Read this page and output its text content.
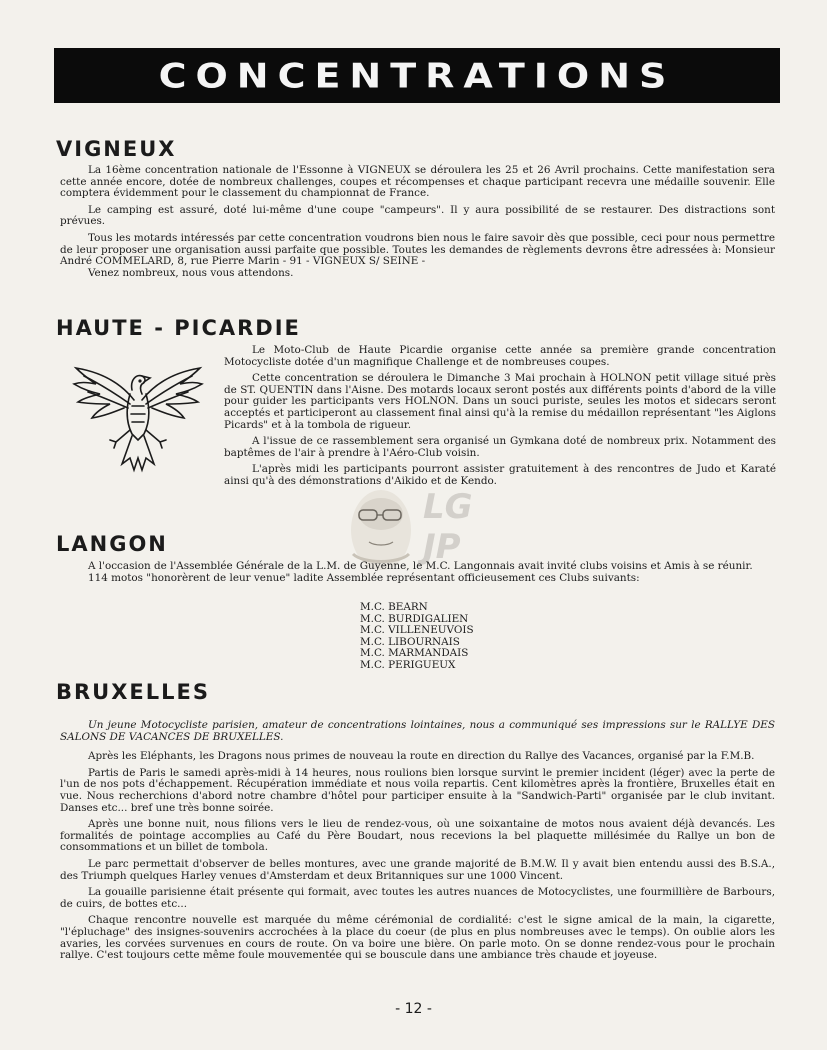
CONCENTRATIONS
VIGNEUX

La 16ème concentration nationale de l'Essonne à VIGNEUX se déroulera les 25 et 26 Avril prochains. Cette manifestation sera cette année encore, dotée de nombreux challenges, coupes et récompenses et chaque participant recevra une médaille souvenir. Elle comptera évidemment pour le classement du championnat de France.

Le camping est assuré, doté lui-même d'une coupe "campeurs". Il y aura possibilité de se restaurer. Des distractions sont prévues.

Tous les motards intéressés par cette concentration voudrons bien nous le faire savoir dès que possible, ceci pour nous permettre de leur proposer une organisation aussi parfaite que possible. Toutes les demandes de règlements devrons être adressées à: Monsieur André COMMELARD, 8, rue Pierre Marin - 91 - VIGNEUX S/ SEINE -

Venez nombreux, nous vous attendons.

HAUTE - PICARDIE

Le Moto-Club de Haute Picardie organise cette année sa première grande concentration Motocycliste dotée d'un magnifique Challenge et de nombreuses coupes.

Cette concentration se déroulera le Dimanche 3 Mai prochain à HOLNON petit village situé près de ST. QUENTIN dans l'Aisne. Des motards locaux seront postés aux différents points d'abord de la ville pour guider les participants vers HOLNON. Dans un souci puriste, seules les motos et sidecars seront acceptés et participeront au classement final ainsi qu'à la remise du médaillon représentant "les Aiglons Picards" et à la tombola de rigueur.

A l'issue de ce rassemblement sera organisé un Gymkana doté de nombreux prix. Notamment des baptêmes de l'air à prendre à l'Aéro-Club voisin.

L'après midi les participants pourront assister gratuitement à des rencontres de Judo et Karaté ainsi qu'à des démonstrations d'Aikido et de Kendo.

LG
JP
LANGON

A l'occasion de l'Assemblée Générale de la L.M. de Guyenne, le M.C. Langonnais avait invité clubs voisins et Amis à se réunir.

114 motos "honorèrent de leur venue" ladite Assemblée représentant officieusement ces Clubs suivants:

M.C. BEARN
M.C. BURDIGALIEN
M.C. VILLENEUVOIS
M.C. LIBOURNAIS
M.C. MARMANDAIS
M.C. PERIGUEUX
BRUXELLES

Un jeune Motocycliste parisien, amateur de concentrations lointaines, nous a communiqué ses impressions sur le RALLYE DES SALONS DE VACANCES DE BRUXELLES.

Après les Eléphants, les Dragons nous primes de nouveau la route en direction du Rallye des Vacances, organisé par la F.M.B.

Partis de Paris le samedi après-midi à 14 heures, nous roulions bien lorsque survint le premier incident (léger) avec la perte de l'un de nos pots d'échappement. Récupération immédiate et nous voila repartis. Cent kilomètres après la frontière, Bruxelles était en vue. Nous recherchions d'abord notre chambre d'hôtel pour participer ensuite à la "Sandwich-Parti" organisée par le club invitant. Danses etc... bref une très bonne soirée.

Après une bonne nuit, nous filions vers le lieu de rendez-vous, où une soixantaine de motos nous avaient déjà devancés. Les formalités de pointage accomplies au Café du Père Boudart, nous recevions la bel plaquette millésimée du Rallye un bon de consommations et un billet de tombola.

Le parc permettait d'observer de belles montures, avec une grande majorité de B.M.W. Il y avait bien entendu aussi des B.S.A., des Triumph quelques Harley venues d'Amsterdam et deux Britanniques sur une 1000 Vincent.

La gouaille parisienne était présente qui formait, avec toutes les autres nuances de Motocyclistes, une fourmillière de Barbours, de cuirs, de bottes etc...

Chaque rencontre nouvelle est marquée du même cérémonial de cordialité: c'est le signe amical de la main, la cigarette, "l'épluchage" des insignes-souvenirs accrochées à la place du coeur (de plus en plus nombreuses avec le temps). On oublie alors les avaries, les corvées survenues en cours de route. On va boire une bière. On parle moto. On se donne rendez-vous pour le prochain rallye. C'est toujours cette même foule mouvementée qui se bouscule dans une ambiance très chaude et joyeuse.

- 12 -
